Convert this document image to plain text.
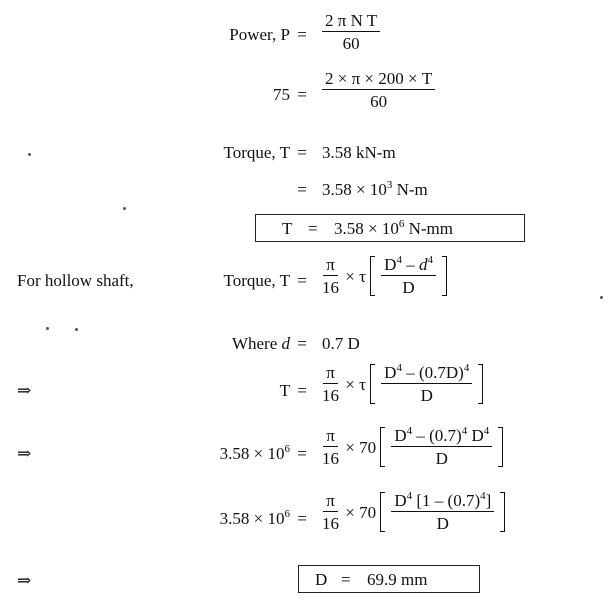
Power, $P = \frac{\text{2 π N T}}{60}$
$75 = \frac{2 \times \pi \times 200 \times T}{60}$
Torque, T = 3.58 kN-m
= $3.58 \times 10^3$ N-m
$T = 3.58 \times 10^6$ N-mm
For hollow shaft,	Torque, $T = \frac{\pi}{16} \times \tau \frac{D^4 - d^4}{D}$
Where d = 0.7 D
⇒	$T = \frac{\pi}{16} \times \tau \frac{D^4 - (0.7D)^4}{D}$
⇒	$3.58 \times 10^6 = \frac{\pi}{16} \times 70 \frac{D^4 - (0.7)^4 D^4}{D}$
$3.58 \times 10^6 = \frac{\pi}{16} \times 70 \frac{D^4 [1 - (0.7)^4]}{D}$
⇒	D = 69.9 mm
